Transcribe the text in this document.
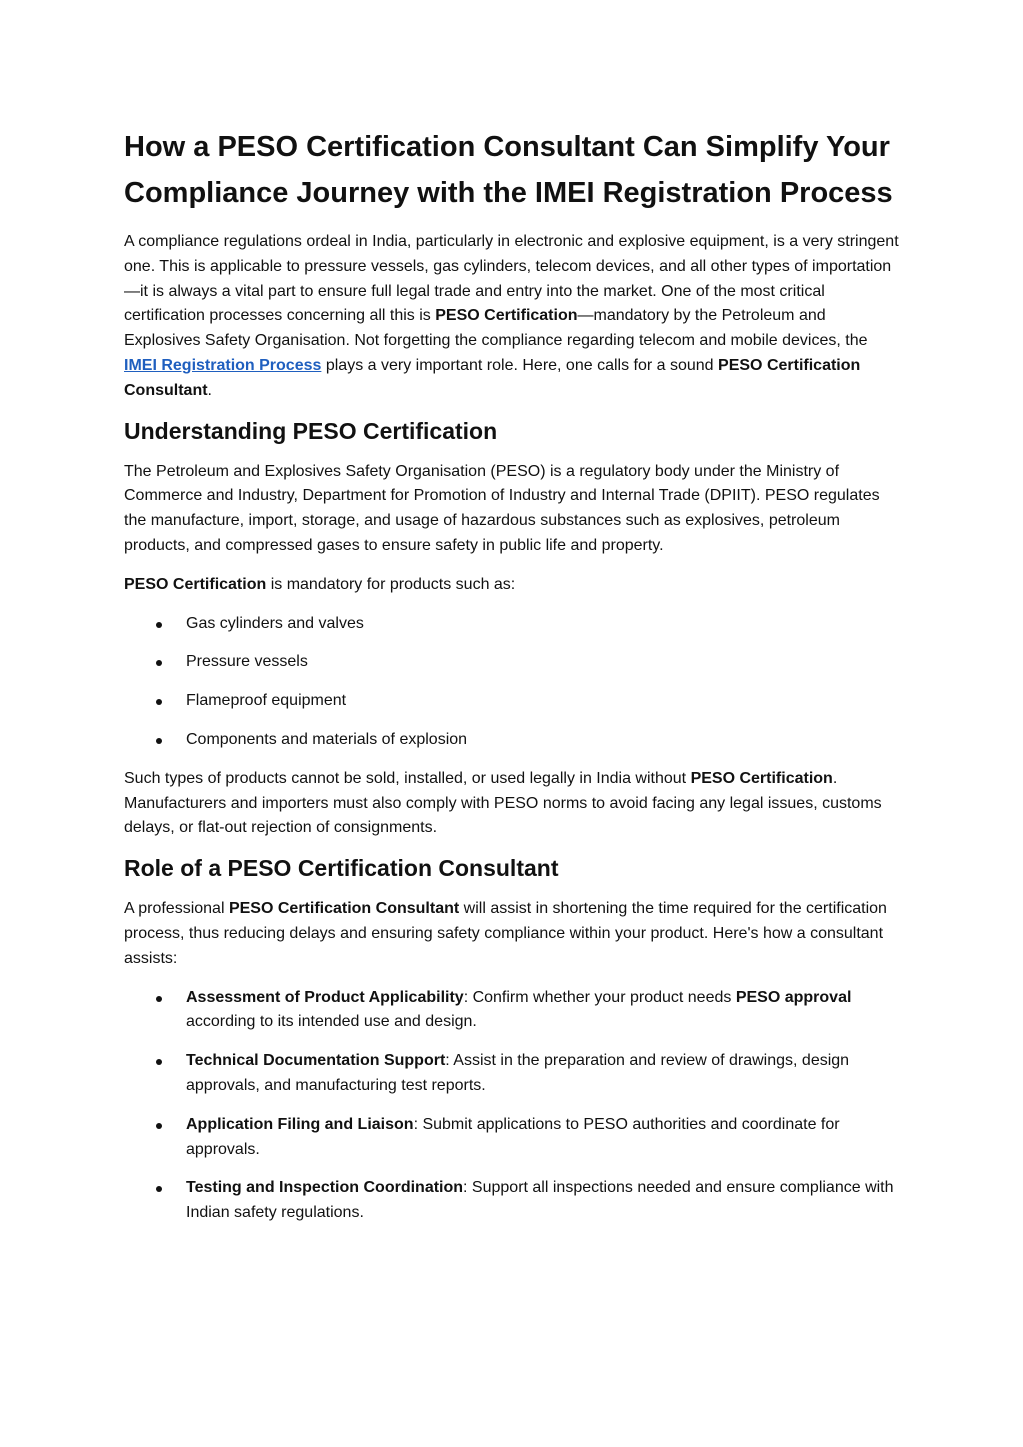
How a PESO Certification Consultant Can Simplify Your Compliance Journey with the IMEI Registration Process

A compliance regulations ordeal in India, particularly in electronic and explosive equipment, is a very stringent one. This is applicable to pressure vessels, gas cylinders, telecom devices, and all other types of importation—it is always a vital part to ensure full legal trade and entry into the market. One of the most critical certification processes concerning all this is PESO Certification—mandatory by the Petroleum and Explosives Safety Organisation. Not forgetting the compliance regarding telecom and mobile devices, the IMEI Registration Process plays a very important role. Here, one calls for a sound PESO Certification Consultant.

Understanding PESO Certification

The Petroleum and Explosives Safety Organisation (PESO) is a regulatory body under the Ministry of Commerce and Industry, Department for Promotion of Industry and Internal Trade (DPIIT). PESO regulates the manufacture, import, storage, and usage of hazardous substances such as explosives, petroleum products, and compressed gases to ensure safety in public life and property.

PESO Certification is mandatory for products such as:

Gas cylinders and valves
Pressure vessels
Flameproof equipment
Components and materials of explosion

Such types of products cannot be sold, installed, or used legally in India without PESO Certification. Manufacturers and importers must also comply with PESO norms to avoid facing any legal issues, customs delays, or flat-out rejection of consignments.

Role of a PESO Certification Consultant

A professional PESO Certification Consultant will assist in shortening the time required for the certification process, thus reducing delays and ensuring safety compliance within your product. Here's how a consultant assists:

Assessment of Product Applicability: Confirm whether your product needs PESO approval according to its intended use and design.
Technical Documentation Support: Assist in the preparation and review of drawings, design approvals, and manufacturing test reports.
Application Filing and Liaison: Submit applications to PESO authorities and coordinate for approvals.
Testing and Inspection Coordination: Support all inspections needed and ensure compliance with Indian safety regulations.
